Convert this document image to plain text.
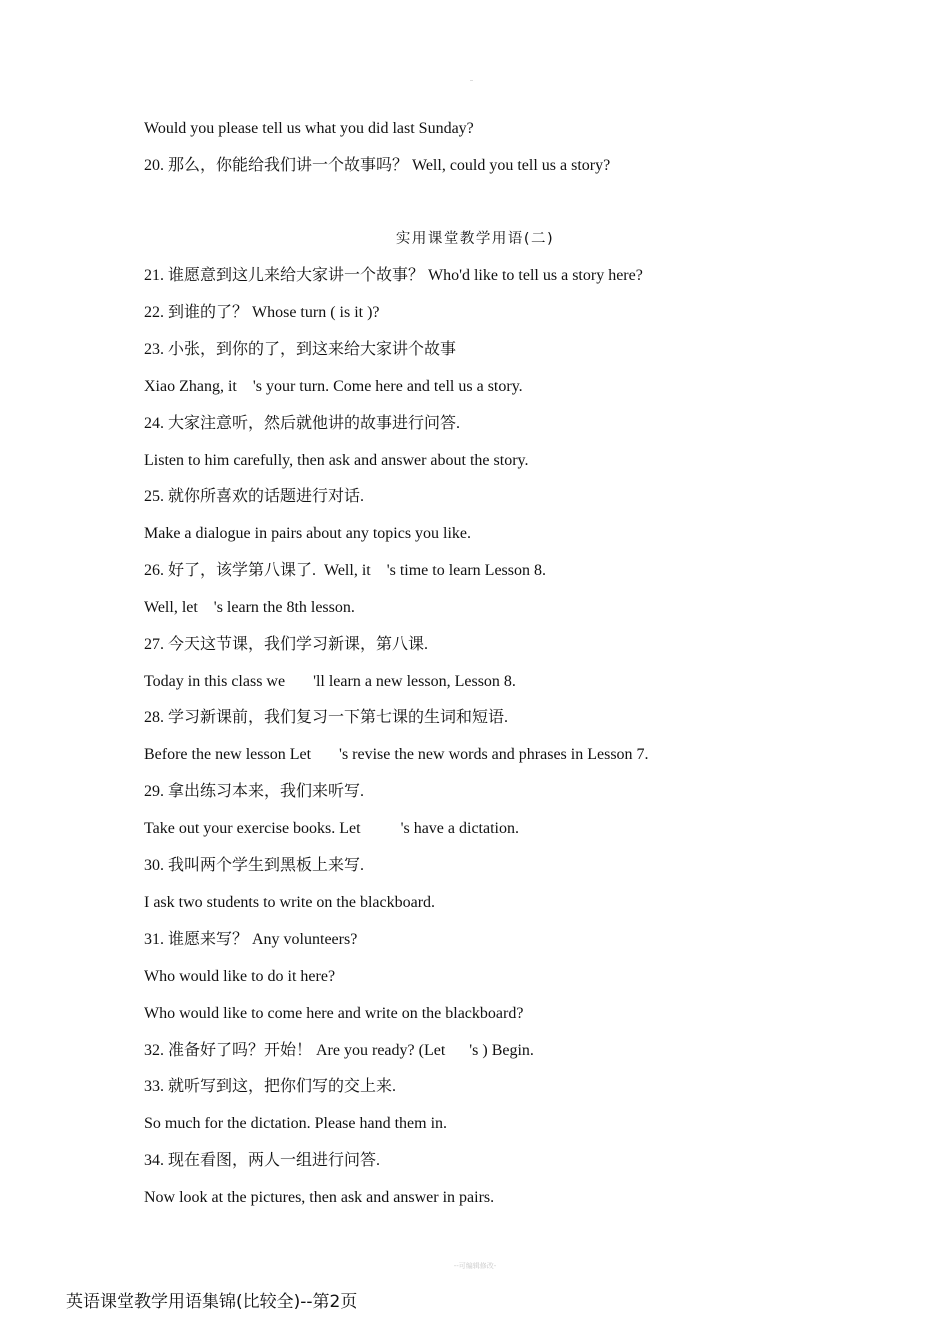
Would you please tell us what you did last Sunday?
20. 那么，你能给我们讲一个故事吗？ Well, could you tell us a story?
实用课堂教学用语(二)
21. 谁愿意到这儿来给大家讲一个故事？ Who'd like to tell us a story here?
22. 到谁的了？ Whose turn ( is it )?
23. 小张，到你的了，到这来给大家讲个故事
Xiao Zhang, it    's your turn. Come here and tell us a story.
24. 大家注意听，然后就他讲的故事进行问答.
Listen to him carefully, then ask and answer about the story.
25. 就你所喜欢的话题进行对话.
Make a dialogue in pairs about any topics you like.
26. 好了，该学第八课了.  Well, it    's time to learn Lesson 8.
Well, let    's learn the 8th lesson.
27. 今天这节课，我们学习新课，第八课.
Today in this class we       'll learn a new lesson, Lesson 8.
28. 学习新课前，我们复习一下第七课的生词和短语.
Before the new lesson Let       's revise the new words and phrases in Lesson 7.
29. 拿出练习本来，我们来听写.
Take out your exercise books. Let          's have a dictation.
30. 我叫两个学生到黑板上来写.
I ask two students to write on the blackboard.
31. 谁愿来写？ Any volunteers?
Who would like to do it here?
Who would like to come here and write on the blackboard?
32. 准备好了吗？开始！ Are you ready? (Let      's ) Begin.
33. 就听写到这，把你们写的交上来.
So much for the dictation. Please hand them in.
34. 现在看图，两人一组进行问答.
Now look at the pictures, then ask and answer in pairs.
--可编辑修改-
英语课堂教学用语集锦(比较全)--第2页
